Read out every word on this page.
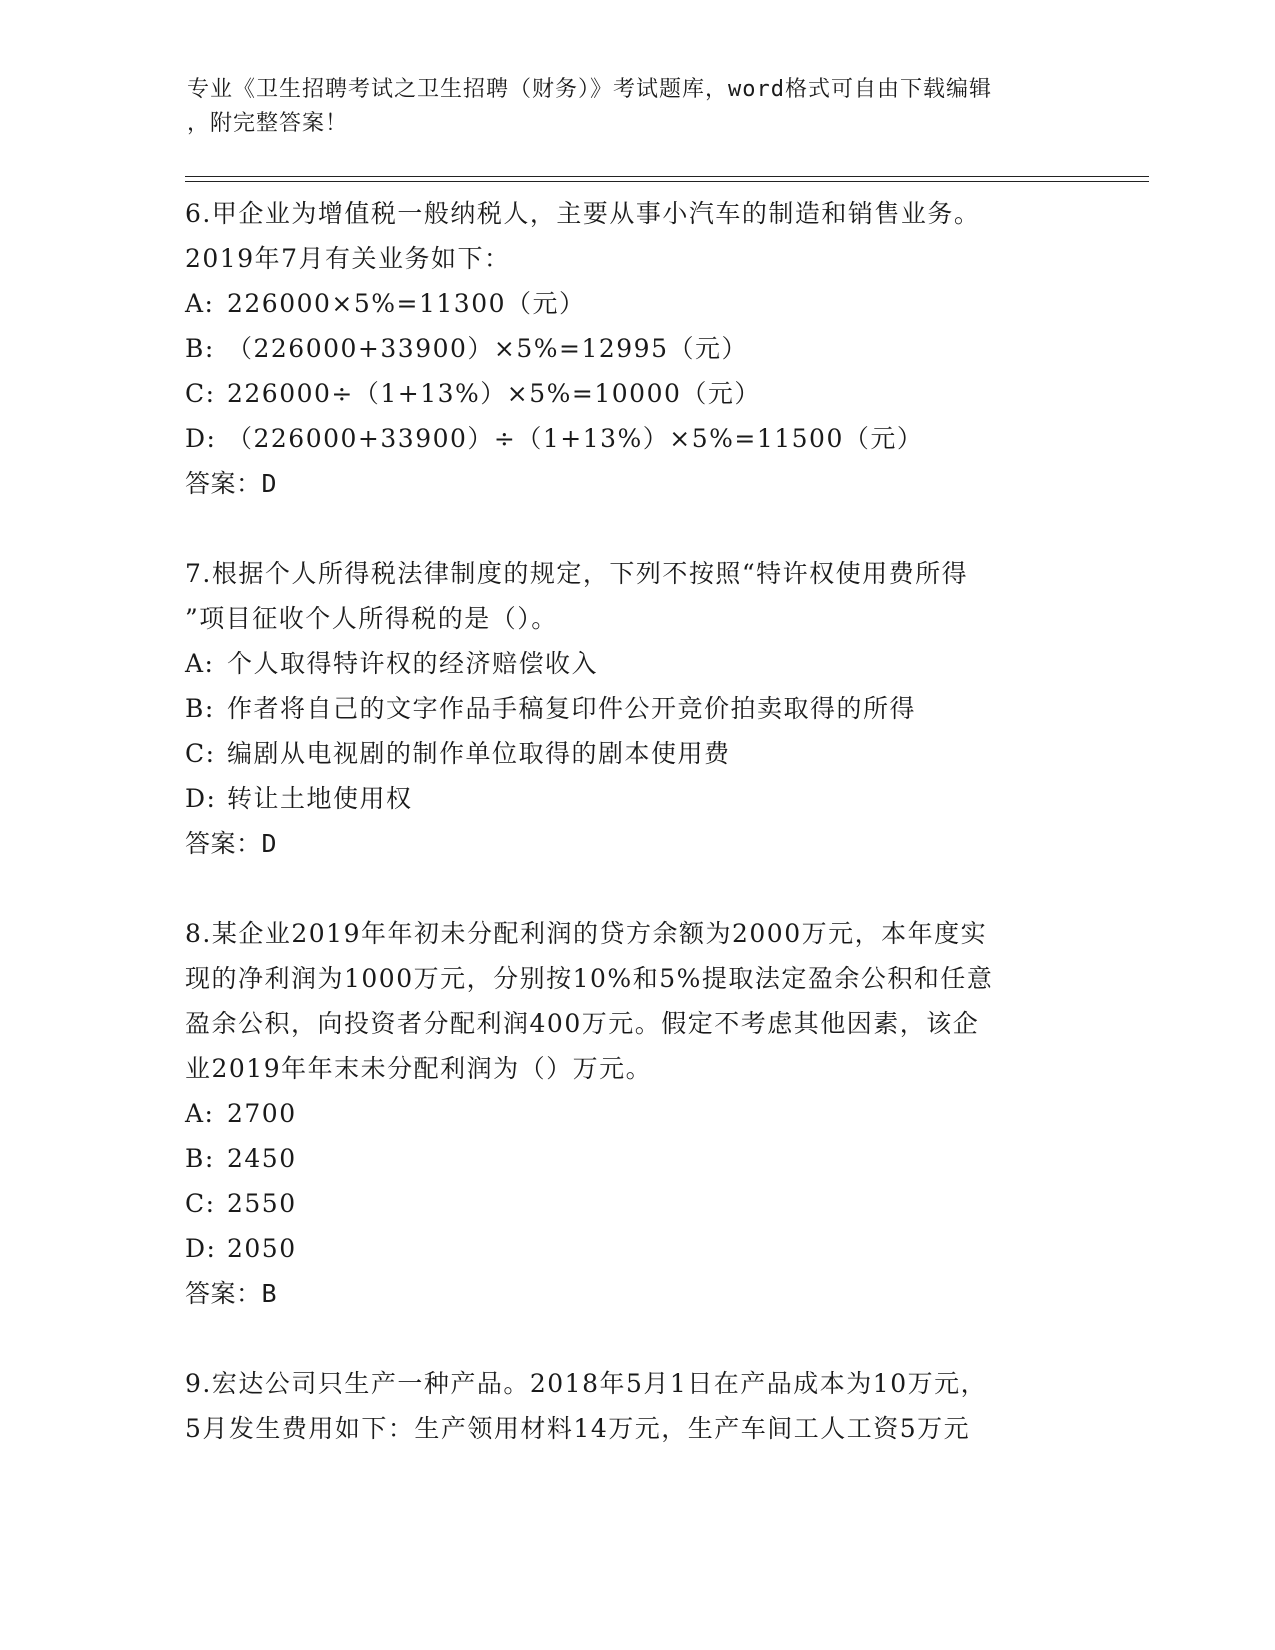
专业《卫生招聘考试之卫生招聘（财务）》考试题库，word格式可自由下载编辑
，附完整答案！
6.甲企业为增值税一般纳税人，主要从事小汽车的制造和销售业务。
2019年7月有关业务如下：
A: 226000×5%=11300（元）
B: （226000+33900）×5%=12995（元）
C: 226000÷（1+13%）×5%=10000（元）
D: （226000+33900）÷（1+13%）×5%=11500（元）
答案：D
7.根据个人所得税法律制度的规定，下列不按照“特许权使用费所得
”项目征收个人所得税的是（）。
A: 个人取得特许权的经济赔偿收入
B: 作者将自己的文字作品手稿复印件公开竞价拍卖取得的所得
C: 编剧从电视剧的制作单位取得的剧本使用费
D: 转让土地使用权
答案：D
8.某企业2019年年初未分配利润的贷方余额为2000万元，本年度实
现的净利润为1000万元，分别按10%和5%提取法定盈余公积和任意
盈余公积，向投资者分配利润400万元。假定不考虑其他因素，该企
业2019年年末未分配利润为（）万元。
A: 2700
B: 2450
C: 2550
D: 2050
答案：B
9.宏达公司只生产一种产品。2018年5月1日在产品成本为10万元，
5月发生费用如下：生产领用材料14万元，生产车间工人工资5万元
